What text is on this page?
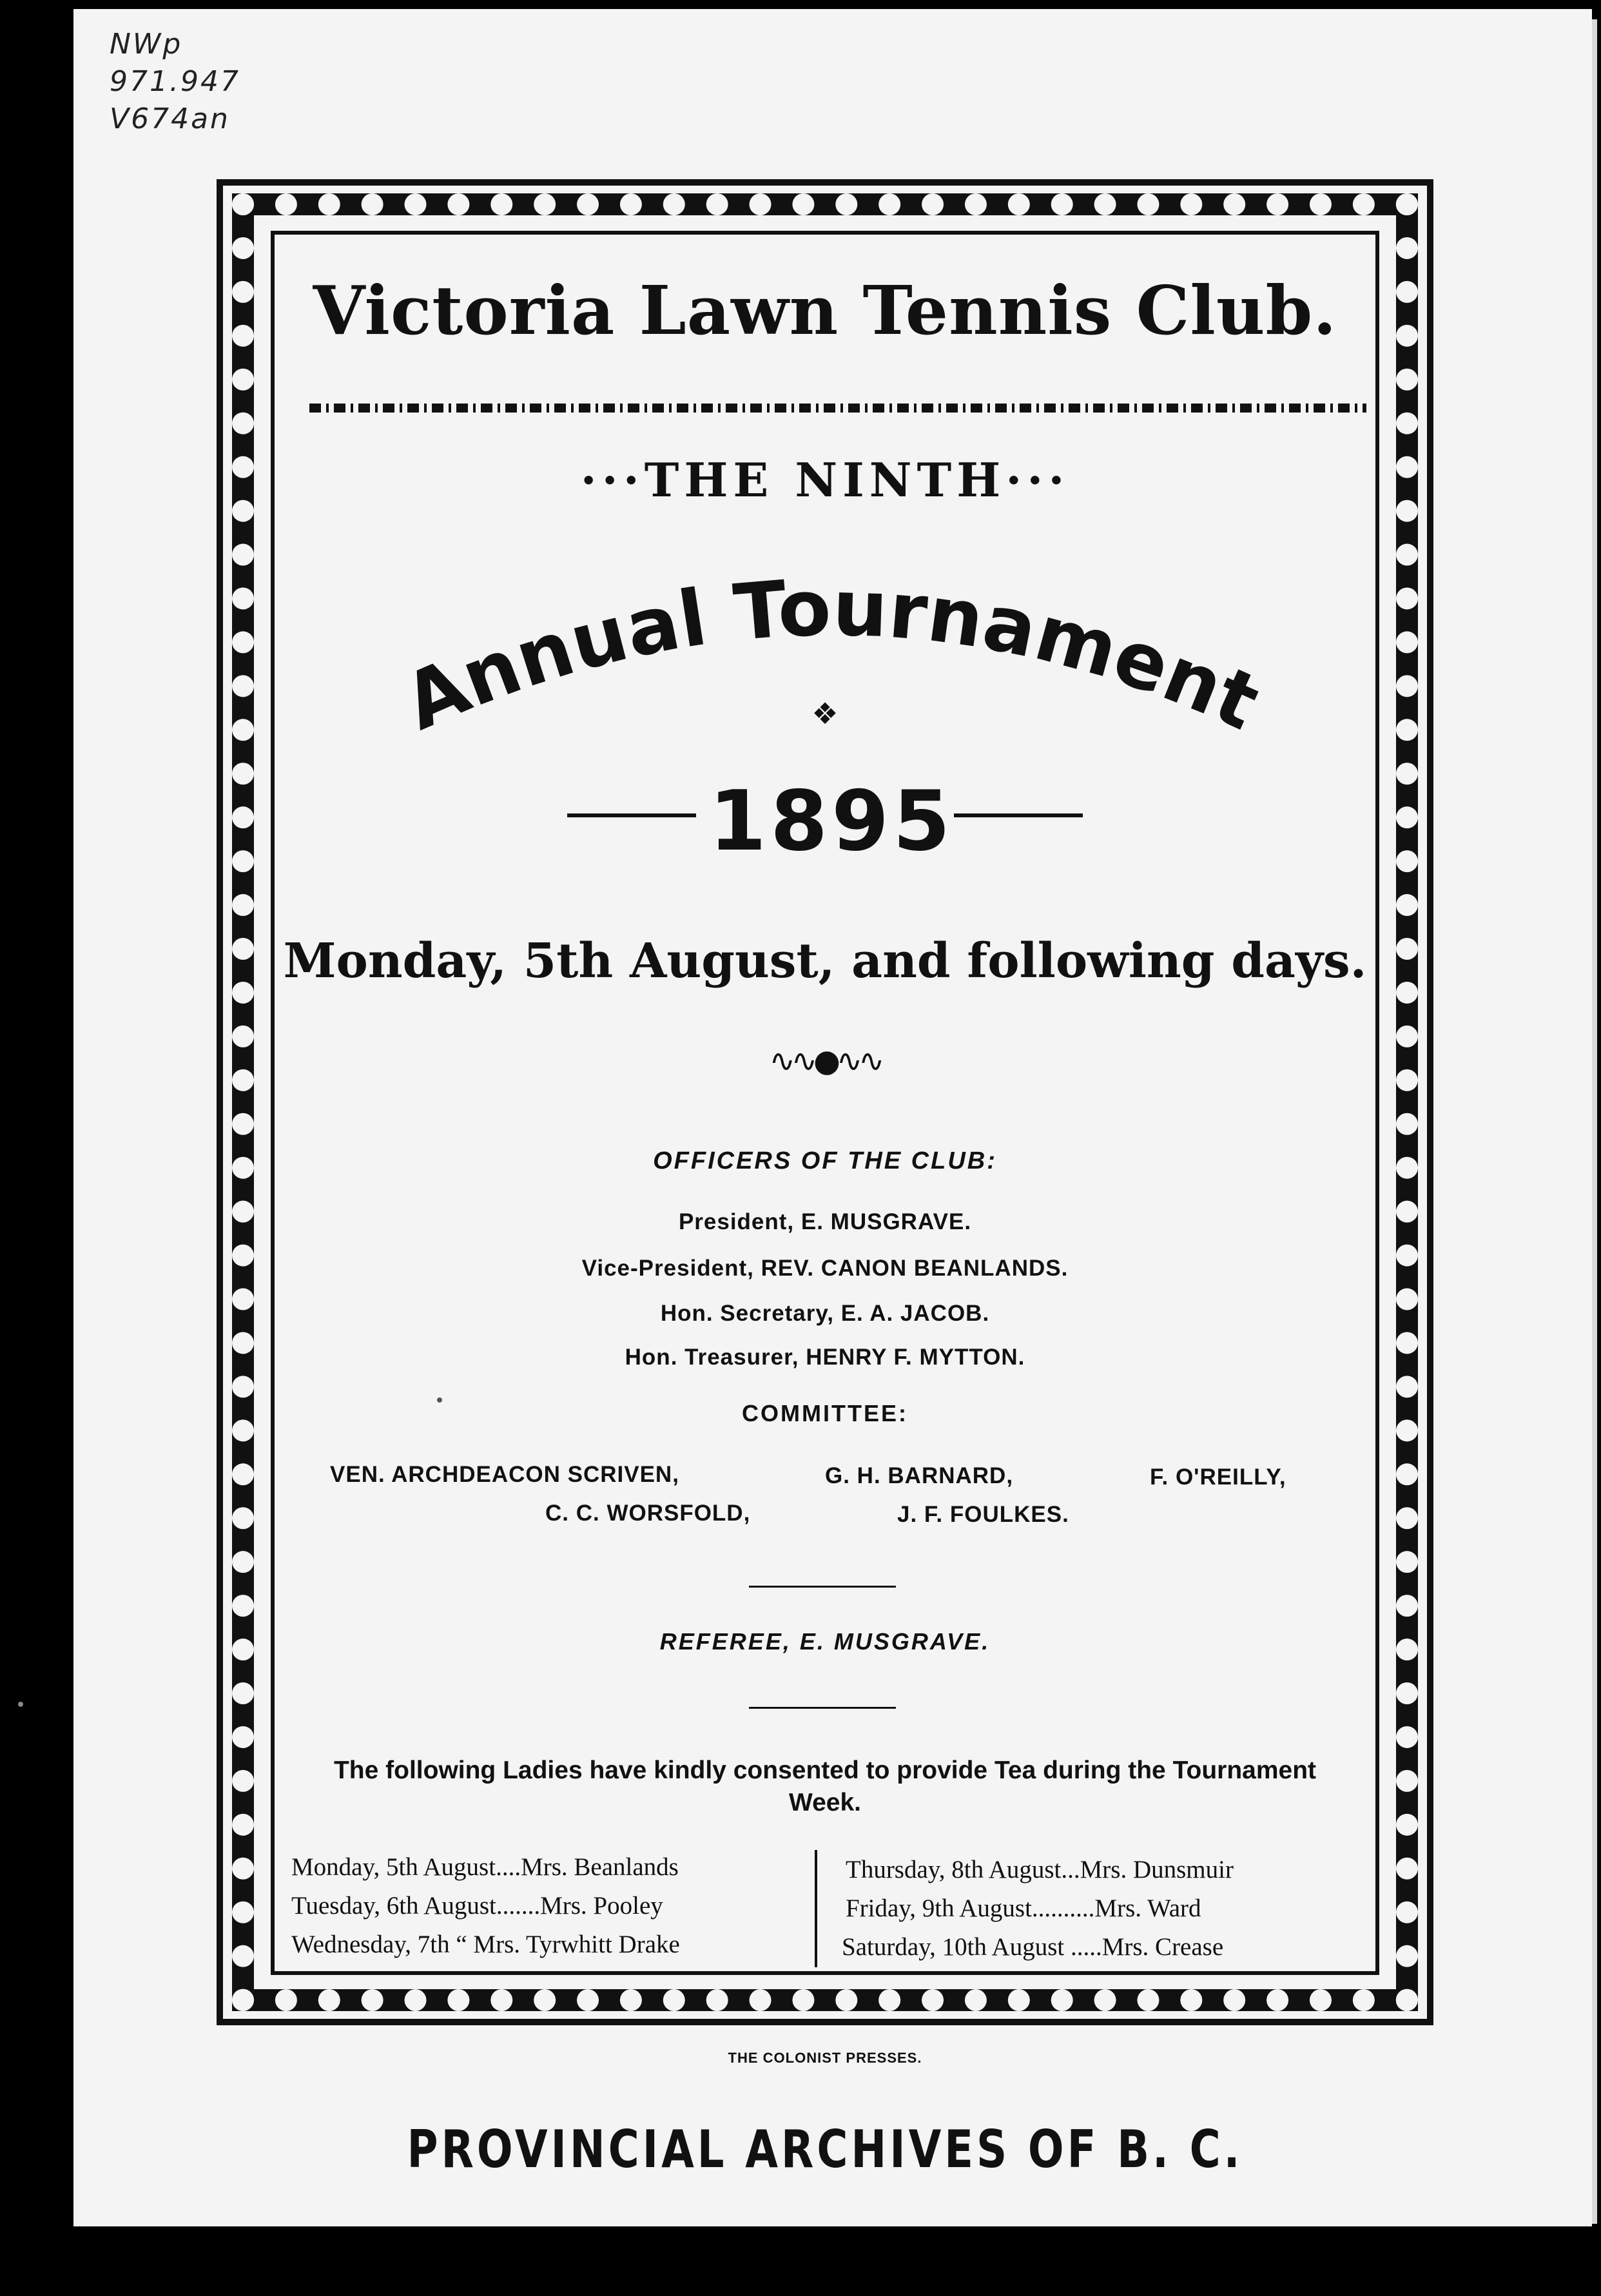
NWp
971.947
V674an
Victoria Lawn Tennis Club.
···THE NINTH···
Annual Tournament
❖
1895
Monday, 5th August, and following days.
∿∿●∿∿
OFFICERS OF THE CLUB:
President, E. MUSGRAVE.
Vice-President, REV. CANON BEANLANDS.
Hon. Secretary, E. A. JACOB.
Hon. Treasurer, HENRY F. MYTTON.
COMMITTEE:
VEN. ARCHDEACON SCRIVEN,	G. H. BARNARD,	F. O'REILLY,
C. C. WORSFOLD,	J. F. FOULKES.
REFEREE, E. MUSGRAVE.
The following Ladies have kindly consented to provide Tea during the Tournament Week.
Monday, 5th August....Mrs. Beanlands
Tuesday, 6th August.......Mrs. Pooley
Wednesday, 7th “ Mrs. Tyrwhitt Drake
Thursday, 8th August...Mrs. Dunsmuir
Friday, 9th August..........Mrs. Ward
Saturday, 10th August .....Mrs. Crease
THE COLONIST PRESSES.
PROVINCIAL ARCHIVES OF B. C.
